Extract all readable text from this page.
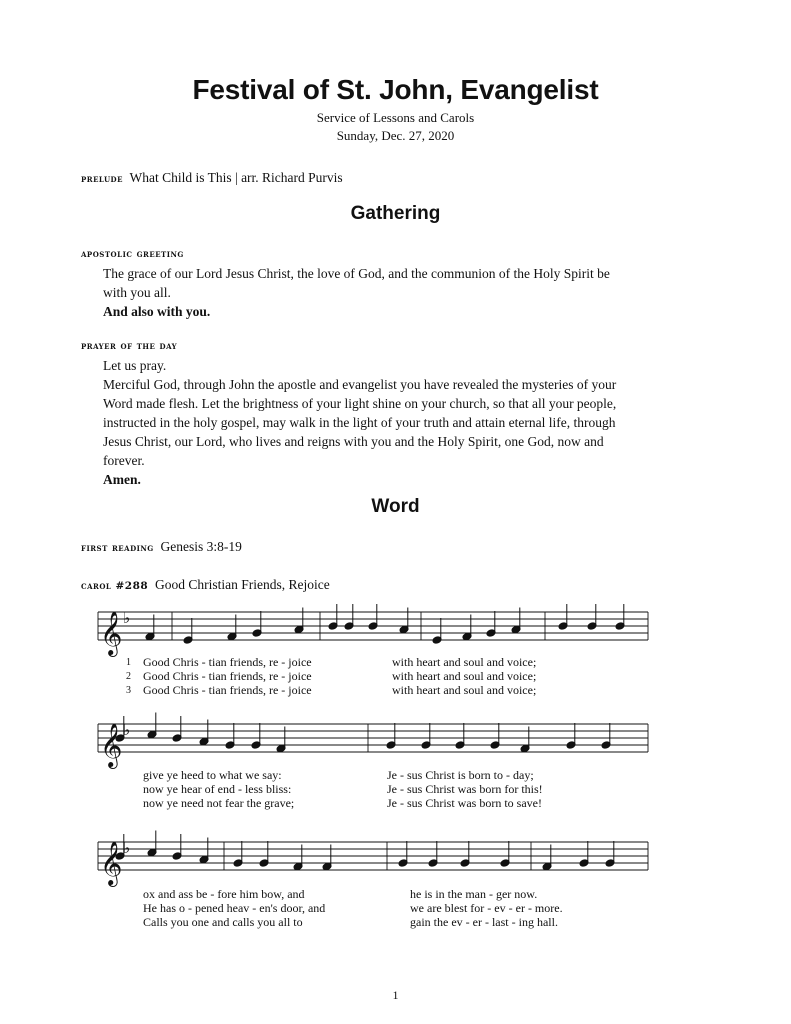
Festival of St. John, Evangelist
Service of Lessons and Carols
Sunday, Dec. 27, 2020
prelude What Child is This | arr. Richard Purvis
Gathering
apostolic greeting
The grace of our Lord Jesus Christ, the love of God, and the communion of the Holy Spirit be
with you all.
And also with you.
prayer of the day
Let us pray.
Merciful God, through John the apostle and evangelist you have revealed the mysteries of your
Word made flesh. Let the brightness of your light shine on your church, so that all your people,
instructed in the holy gospel, may walk in the light of your truth and attain eternal life, through
Jesus Christ, our Lord, who lives and reigns with you and the Holy Spirit, one God, now and
forever.
Amen.
Word
first reading Genesis 3:8-19
carol #288 Good Christian Friends, Rejoice
𝄞 ♭
𝄞 ♭
𝄞 ♭
1
2
3
Good Chris - tian friends, re - joice	with heart and soul and voice;
Good Chris - tian friends, re - joice	with heart and soul and voice;
Good Chris - tian friends, re - joice	with heart and soul and voice;
give ye heed to what we say:	Je - sus Christ is born to - day;
now ye hear of end - less bliss:	Je - sus Christ was born for this!
now ye need not fear the grave;	Je - sus Christ was born to save!
ox and ass be - fore him bow, and	he is in the man - ger now.
He has o - pened heav - en's door, and	we are blest for - ev - er - more.
Calls you one and calls you all to	gain the ev - er - last - ing hall.
1
